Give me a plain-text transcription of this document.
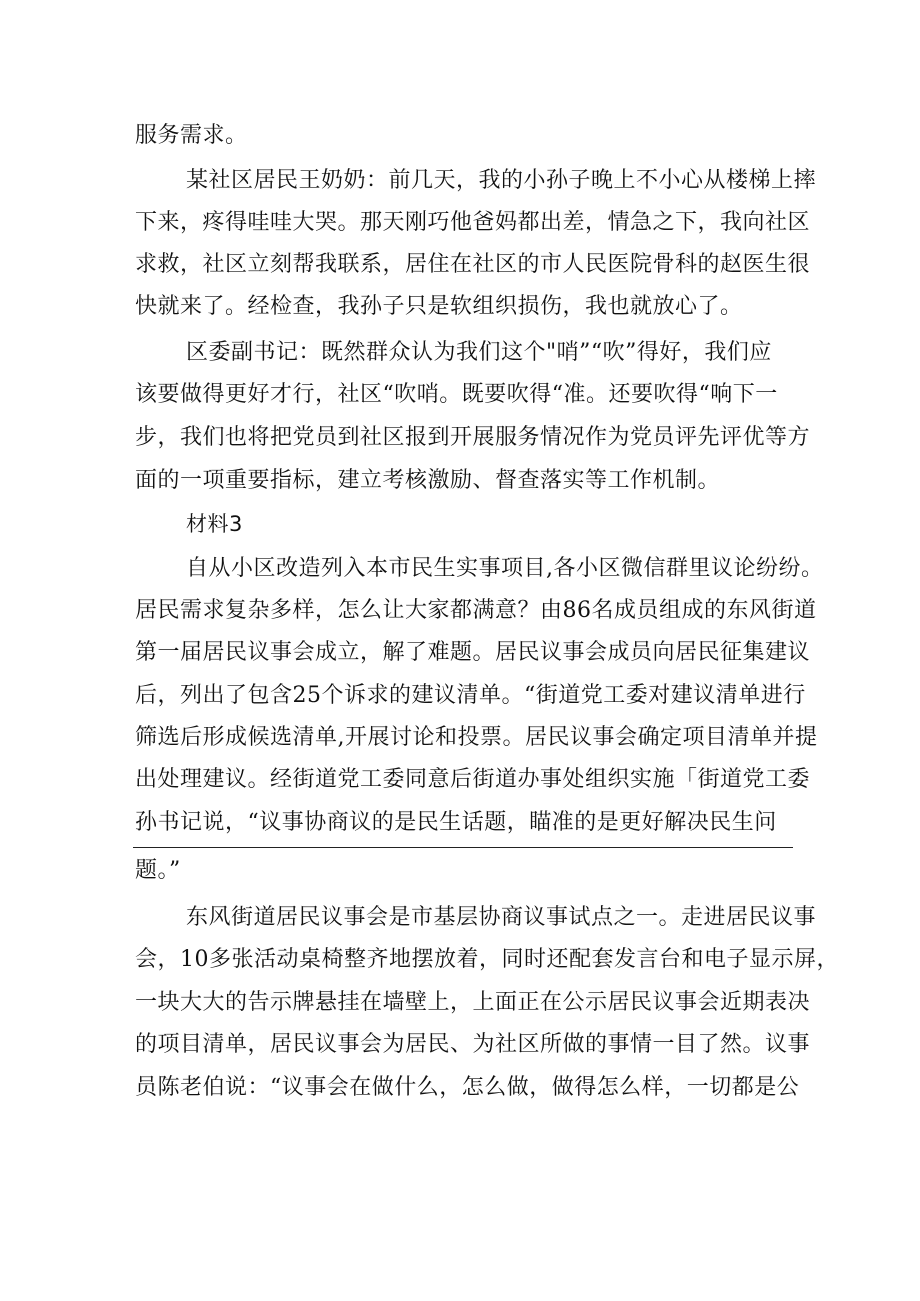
服务需求。
某社区居民王奶奶：前几天，我的小孙子晚上不小心从楼梯上摔
下来，疼得哇哇大哭。那天刚巧他爸妈都出差，情急之下，我向社区
求救，社区立刻帮我联系，居住在社区的市人民医院骨科的赵医生很
快就来了。经检查，我孙子只是软组织损伤，我也就放心了。
区委副书记：既然群众认为我们这个"哨”“吹”得好，我们应
该要做得更好才行，社区“吹哨。既要吹得“准。还要吹得“响下一
步，我们也将把党员到社区报到开展服务情况作为党员评先评优等方
面的一项重要指标，建立考核激励、督查落实等工作机制。
材料3
自从小区改造列入本市民生实事项目,各小区微信群里议论纷纷。
居民需求复杂多样，怎么让大家都满意？由86名成员组成的东风街道
第一届居民议事会成立，解了难题。居民议事会成员向居民征集建议
后，列出了包含25个诉求的建议清单。“街道党工委对建议清单进行
筛选后形成候选清单,开展讨论和投票。居民议事会确定项目清单并提
出处理建议。经街道党工委同意后街道办事处组织实施「街道党工委
孙书记说，“议事协商议的是民生话题，瞄准的是更好解决民生问
题。”
东风街道居民议事会是市基层协商议事试点之一。走进居民议事
会，10多张活动桌椅整齐地摆放着，同时还配套发言台和电子显示屏，
一块大大的告示牌悬挂在墙壁上，上面正在公示居民议事会近期表决
的项目清单，居民议事会为居民、为社区所做的事情一目了然。议事
员陈老伯说：“议事会在做什么，怎么做，做得怎么样，一切都是公
